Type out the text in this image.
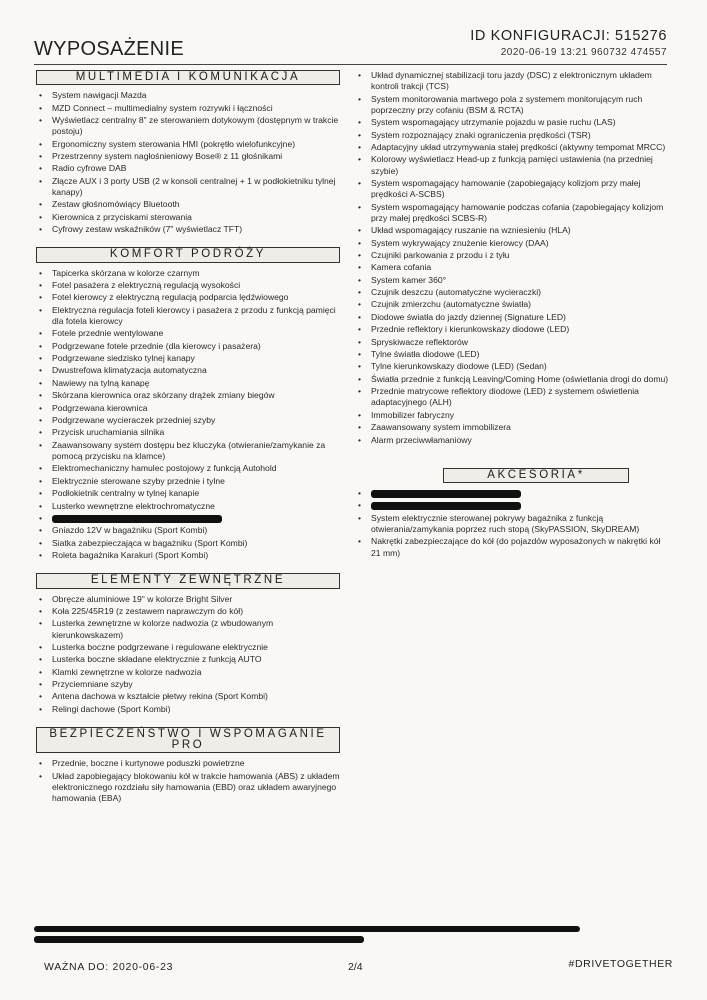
WYPOSAŻENIE
ID KONFIGURACJI: 515276
2020-06-19 13:21 960732 474557
MULTIMEDIA I KOMUNIKACJA
• System nawigacji Mazda
• MZD Connect – multimedialny system rozrywki i łączności
• Wyświetlacz centralny 8" ze sterowaniem dotykowym (dostępnym w trakcie postoju)
• Ergonomiczny system sterowania HMI (pokrętło wielofunkcyjne)
• Przestrzenny system nagłośnieniowy Bose® z 11 głośnikami
• Radio cyfrowe DAB
• Złącze AUX i 3 porty USB (2 w konsoli centralnej + 1 w podłokietniku tylnej kanapy)
• Zestaw głośnomówiący Bluetooth
• Kierownica z przyciskami sterowania
• Cyfrowy zestaw wskaźników (7" wyświetlacz TFT)
KOMFORT PODRÓŻY
• Tapicerka skórzana w kolorze czarnym
• Fotel pasażera z elektryczną regulacją wysokości
• Fotel kierowcy z elektryczną regulacją podparcia lędźwiowego
• Elektryczna regulacja foteli kierowcy i pasażera z przodu z funkcją pamięci dla fotela kierowcy
• Fotele przednie wentylowane
• Podgrzewane fotele przednie (dla kierowcy i pasażera)
• Podgrzewane siedzisko tylnej kanapy
• Dwustrefowa klimatyzacja automatyczna
• Nawiewy na tylną kanapę
• Skórzana kierownica oraz skórzany drążek zmiany biegów
• Podgrzewana kierownica
• Podgrzewane wycieraczek przedniej szyby
• Przycisk uruchamiania silnika
• Zaawansowany system dostępu bez kluczyka (otwieranie/zamykanie za pomocą przycisku na klamce)
• Elektromechaniczny hamulec postojowy z funkcją Autohold
• Elektrycznie sterowane szyby przednie i tylne
• Podłokietnik centralny w tylnej kanapie
• Lusterko wewnętrzne elektrochromatyczne
•
• Gniazdo 12V w bagażniku (Sport Kombi)
• Siatka zabezpieczająca w bagażniku (Sport Kombi)
• Roleta bagażnika Karakuri (Sport Kombi)
ELEMENTY ZEWNĘTRZNE
• Obręcze aluminiowe 19" w kolorze Bright Silver
• Koła 225/45R19 (z zestawem naprawczym do kół)
• Lusterka zewnętrzne w kolorze nadwozia (z wbudowanym kierunkowskazem)
• Lusterka boczne podgrzewane i regulowane elektrycznie
• Lusterka boczne składane elektrycznie z funkcją AUTO
• Klamki zewnętrzne w kolorze nadwozia
• Przyciemniane szyby
• Antena dachowa w kształcie płetwy rekina (Sport Kombi)
• Relingi dachowe (Sport Kombi)
BEZPIECZEŃSTWO I WSPOMAGANIE PRO
• Przednie, boczne i kurtynowe poduszki powietrzne
• Układ zapobiegający blokowaniu kół w trakcie hamowania (ABS) z układem elektronicznego rozdziału siły hamowania (EBD) oraz układem awaryjnego hamowania (EBA)
• Układ dynamicznej stabilizacji toru jazdy (DSC) z elektronicznym układem kontroli trakcji (TCS)
• System monitorowania martwego pola z systemem monitorującym ruch poprzeczny przy cofaniu (BSM & RCTA)
• System wspomagający utrzymanie pojazdu w pasie ruchu (LAS)
• System rozpoznający znaki ograniczenia prędkości (TSR)
• Adaptacyjny układ utrzymywania stałej prędkości (aktywny tempomat MRCC)
• Kolorowy wyświetlacz Head-up z funkcją pamięci ustawienia (na przedniej szybie)
• System wspomagający hamowanie (zapobiegający kolizjom przy małej prędkości A-SCBS)
• System wspomagający hamowanie podczas cofania (zapobiegający kolizjom przy małej prędkości SCBS-R)
• Układ wspomagający ruszanie na wzniesieniu (HLA)
• System wykrywający znużenie kierowcy (DAA)
• Czujniki parkowania z przodu i z tyłu
• Kamera cofania
• System kamer 360°
• Czujnik deszczu (automatyczne wycieraczki)
• Czujnik zmierzchu (automatyczne światła)
• Diodowe światła do jazdy dziennej (Signature LED)
• Przednie reflektory i kierunkowskazy diodowe (LED)
• Spryskiwacze reflektorów
• Tylne światła diodowe (LED)
• Tylne kierunkowskazy diodowe (LED) (Sedan)
• Światła przednie z funkcją Leaving/Coming Home (oświetlania drogi do domu)
• Przednie matrycowe reflektory diodowe (LED) z systemem oświetlenia adaptacyjnego (ALH)
• Immobilizer fabryczny
• Zaawansowany system immobilizera
• Alarm przeciwwłamaniowy
AKCESORIA*
•
•
• System elektrycznie sterowanej pokrywy bagażnika z funkcją otwierania/zamykania poprzez ruch stopą (SkyPASSION, SkyDREAM)
• Nakrętki zabezpieczające do kół (do pojazdów wyposażonych w nakrętki kół 21 mm)
WAŻNA DO: 2020-06-23	2/4	#DRIVETOGETHER
